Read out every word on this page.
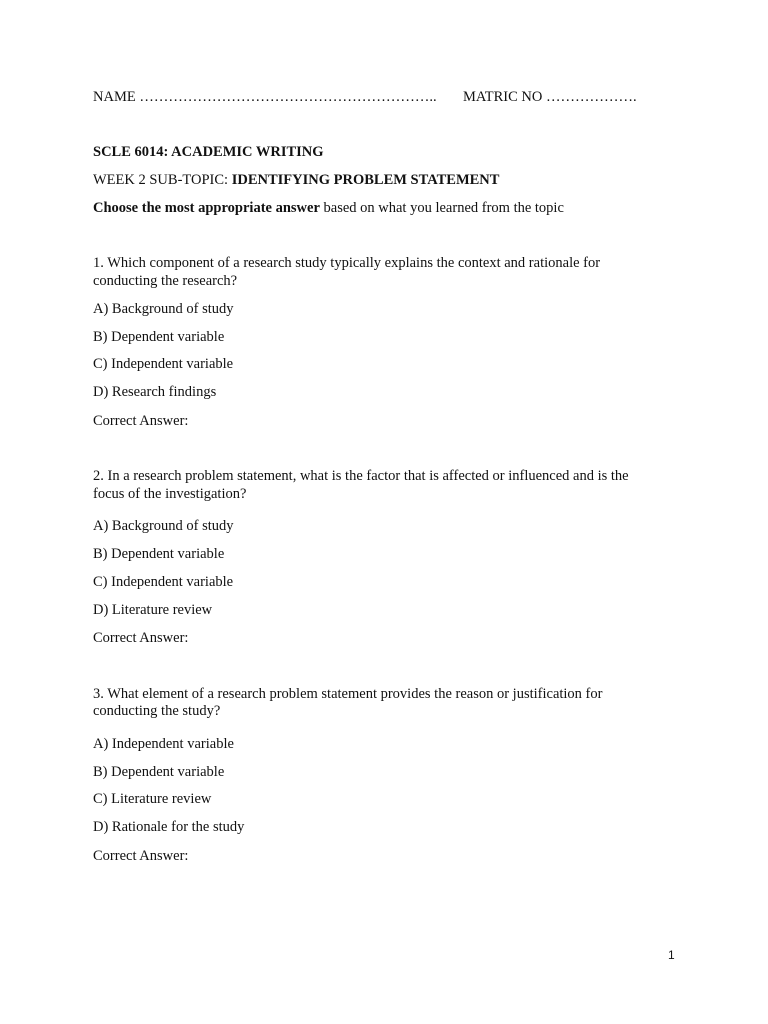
NAME …………………………………………………….. MATRIC NO ……………….
SCLE 6014: ACADEMIC WRITING
WEEK 2 SUB-TOPIC: IDENTIFYING PROBLEM STATEMENT
Choose the most appropriate answer based on what you learned from the topic
1. Which component of a research study typically explains the context and rationale for
conducting the research?
A) Background of study
B) Dependent variable
C) Independent variable
D) Research findings
Correct Answer:
2. In a research problem statement, what is the factor that is affected or influenced and is the
focus of the investigation?
A) Background of study
B) Dependent variable
C) Independent variable
D) Literature review
Correct Answer:
3. What element of a research problem statement provides the reason or justification for
conducting the study?
A) Independent variable
B) Dependent variable
C) Literature review
D) Rationale for the study
Correct Answer:
1
